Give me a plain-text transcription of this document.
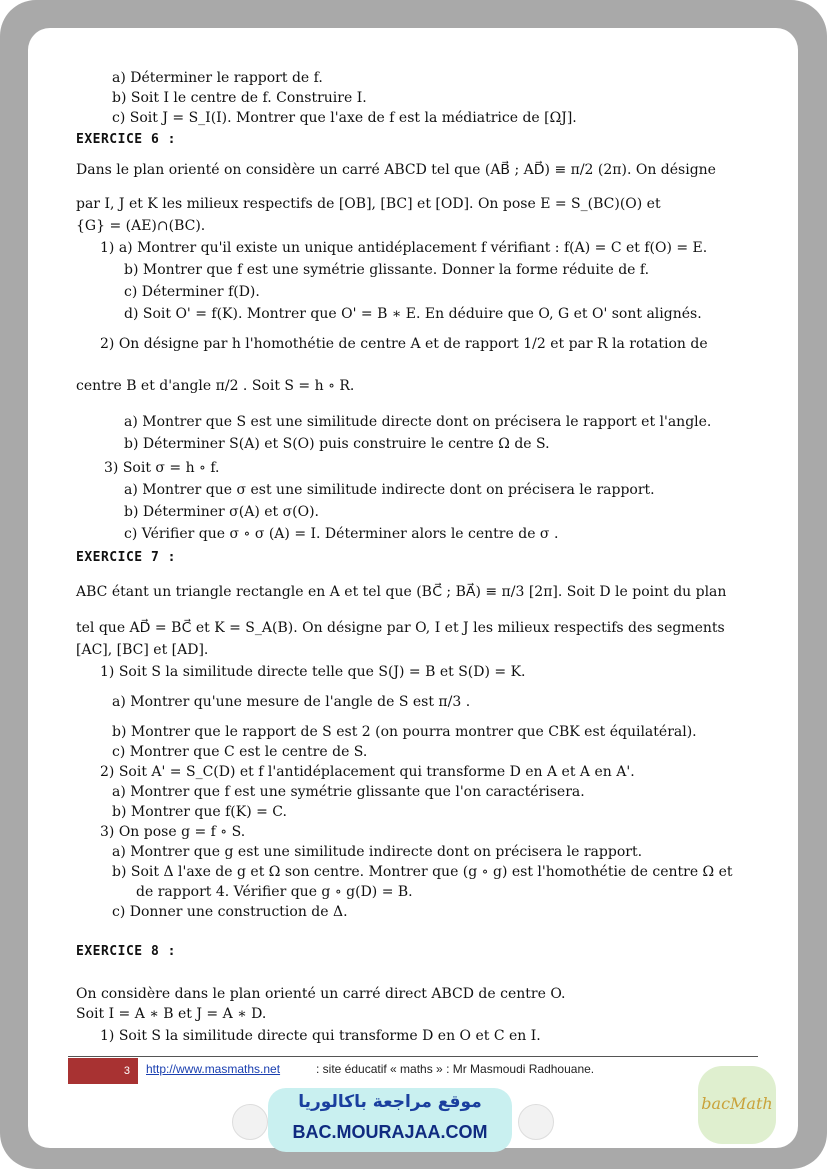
a) Déterminer le rapport de f.
b) Soit I le centre de f. Construire I.
c) Soit J = S_I(I). Montrer que l'axe de f est la médiatrice de [ΩJ].
EXERCICE 6 :
Dans le plan orienté on considère un carré ABCD tel que (AB⃗ ; AD⃗) ≡ π/2 (2π). On désigne
par I, J et K les milieux respectifs de [OB], [BC] et [OD]. On pose E = S_(BC)(O) et
{G} = (AE)∩(BC).
1) a) Montrer qu'il existe un unique antidéplacement f vérifiant : f(A) = C et f(O) = E.
b) Montrer que f est une symétrie glissante. Donner la forme réduite de f.
c) Déterminer f(D).
d) Soit O' = f(K). Montrer que O' = B ∗ E. En déduire que O, G et O' sont alignés.
2) On désigne par h l'homothétie de centre A et de rapport 1/2 et par R la rotation de
centre B et d'angle π/2 . Soit S = h ∘ R.
a) Montrer que S est une similitude directe dont on précisera le rapport et l'angle.
b) Déterminer S(A) et S(O) puis construire le centre Ω de S.
3) Soit σ = h ∘ f.
a) Montrer que σ est une similitude indirecte dont on précisera le rapport.
b) Déterminer σ(A) et σ(O).
c) Vérifier que σ ∘ σ (A) = I. Déterminer alors le centre de σ .
EXERCICE 7 :
ABC étant un triangle rectangle en A et tel que (BC⃗ ; BA⃗) ≡ π/3 [2π]. Soit D le point du plan
tel que AD⃗ = BC⃗ et K = S_A(B). On désigne par O, I et J les milieux respectifs des segments
[AC], [BC] et [AD].
1) Soit S la similitude directe telle que S(J) = B et S(D) = K.
a) Montrer qu'une mesure de l'angle de S est π/3 .
b) Montrer que le rapport de S est 2 (on pourra montrer que CBK est équilatéral).
c) Montrer que C est le centre de S.
2) Soit A' = S_C(D) et f l'antidéplacement qui transforme D en A et A en A'.
a) Montrer que f est une symétrie glissante que l'on caractérisera.
b) Montrer que f(K) = C.
3) On pose g = f ∘ S.
a) Montrer que g est une similitude indirecte dont on précisera le rapport.
b) Soit Δ l'axe de g et Ω son centre. Montrer que (g ∘ g) est l'homothétie de centre Ω et
de rapport 4. Vérifier que g ∘ g(D) = B.
c) Donner une construction de Δ.
EXERCICE 8 :
On considère dans le plan orienté un carré direct ABCD de centre O.
Soit I = A ∗ B et J = A ∗ D.
1) Soit S la similitude directe qui transforme D en O et C en I.
3	http://www.masmaths.net	: site éducatif « maths » : Mr Masmoudi Radhouane.
موقع مراجعة باكالوريا
BAC.MOURAJAA.COM
bacMath
